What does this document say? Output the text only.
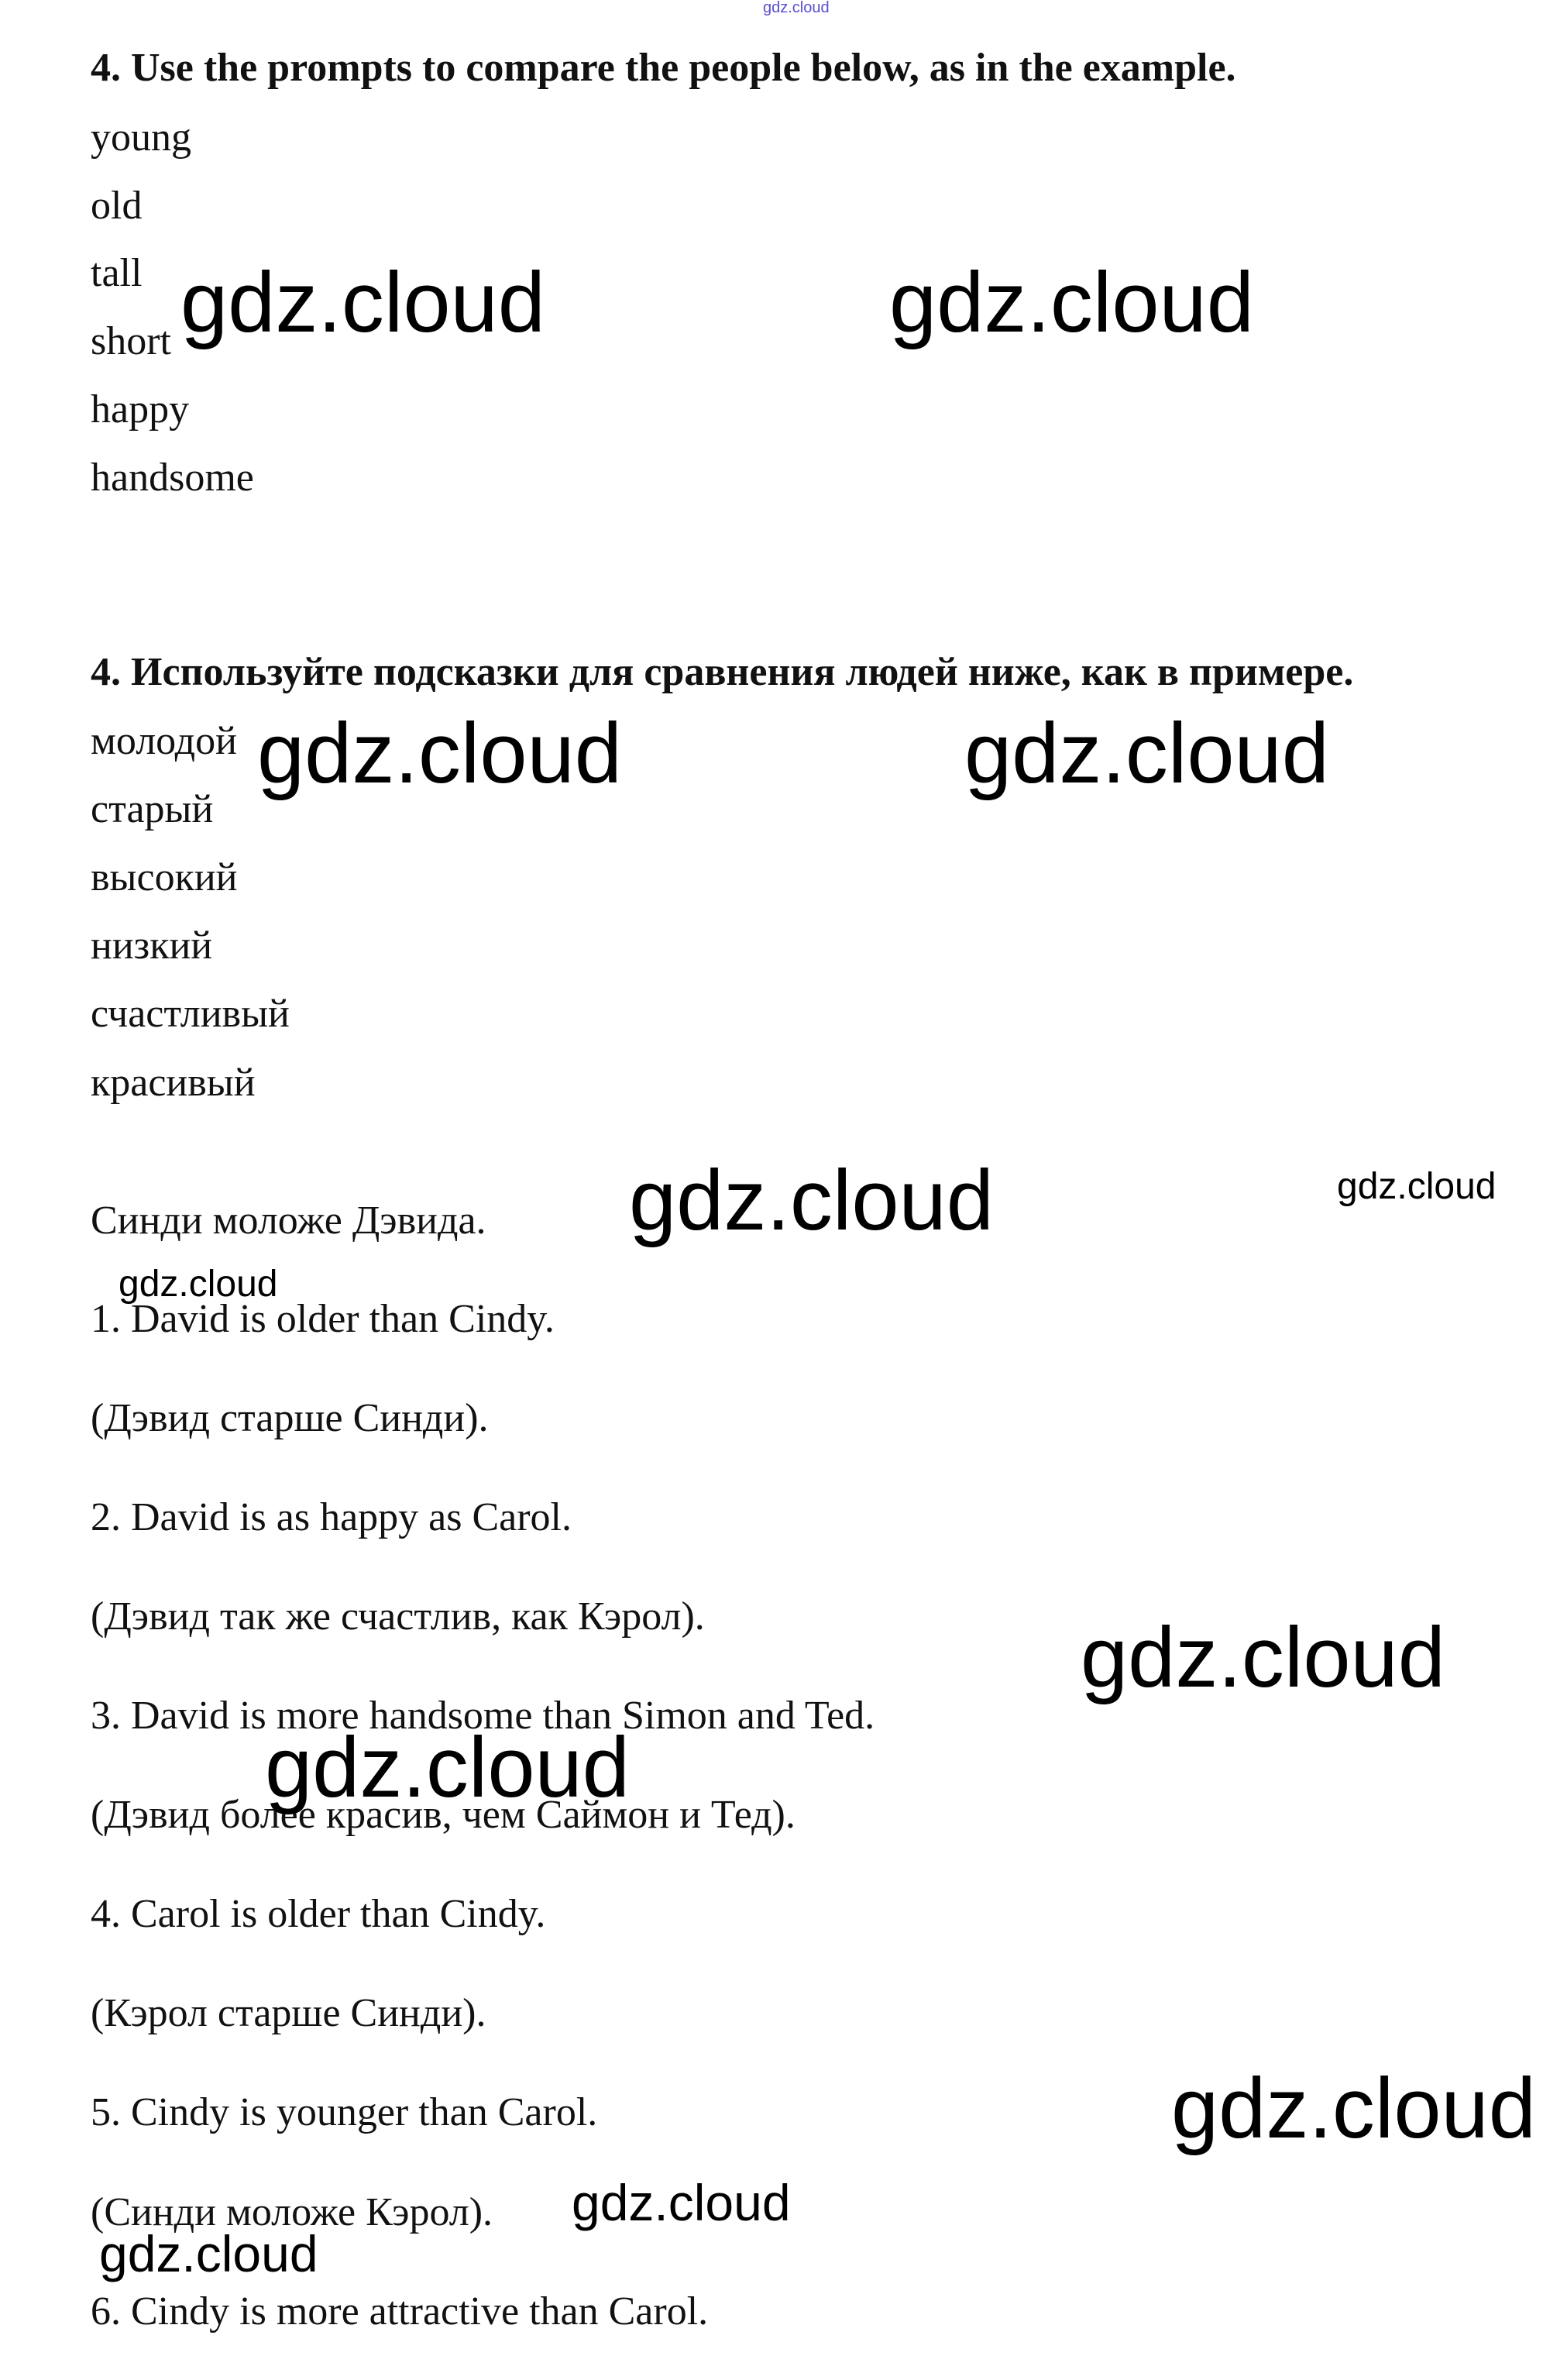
gdz.cloud

4. Use the prompts to compare the people below, as in the example.

young

old

tall

short

happy

handsome

4. Используйте подсказки для сравнения людей ниже, как в примере.

молодой

старый

высокий

низкий

счастливый

красивый

Синди моложе Дэвида.

1. David is older than Cindy.

(Дэвид старше Синди).

2. David is as happy as Carol.

(Дэвид так же счастлив, как Кэрол).

3. David is more handsome than Simon and Ted.

(Дэвид более красив, чем Саймон и Тед).

4. Carol is older than Cindy.

(Кэрол старше Синди).

5. Cindy is younger than Carol.

(Синди моложе Кэрол).

6. Cindy is more attractive than Carol.

gdz.cloud	gdz.cloud
gdz.cloud	gdz.cloud
gdz.cloud	gdz.cloud
gdz.cloud
gdz.cloud
gdz.cloud
gdz.cloud
gdz.cloud
gdz.cloud
